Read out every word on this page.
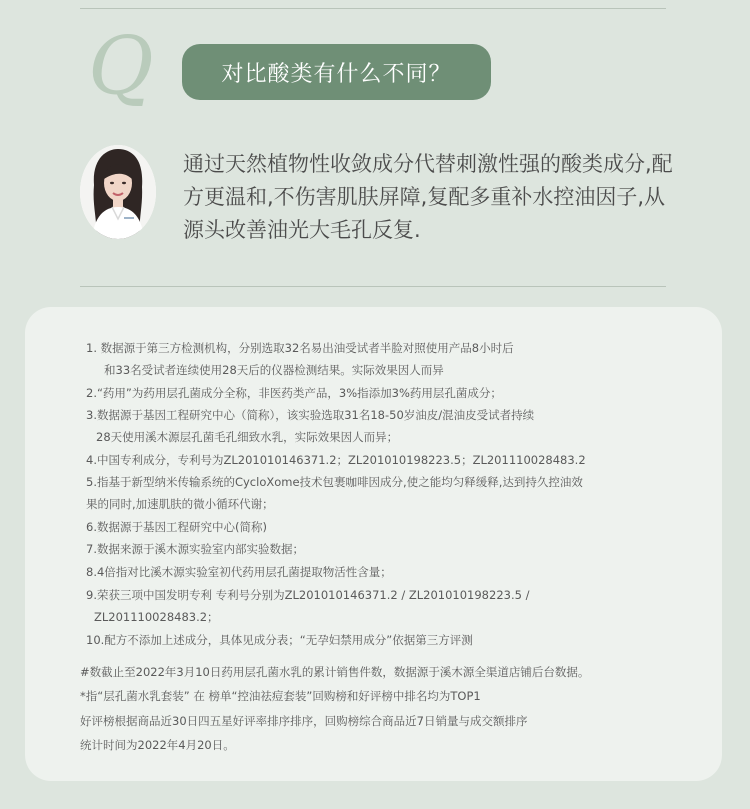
Q	对比酸类有什么不同？
通过天然植物性收敛成分代替刺激性强的酸类成分,配
方更温和,不伤害肌肤屏障,复配多重补水控油因子,从
源头改善油光大毛孔反复.
1. 数据源于第三方检测机构，分别选取32名易出油受试者半脸对照使用产品8小时后
和33名受试者连续使用28天后的仪器检测结果。实际效果因人而异
2.“药用”为药用层孔菌成分全称，非医药类产品，3%指添加3%药用层孔菌成分；
3.数据源于基因工程研究中心（简称），该实验选取31名18-50岁油皮/混油皮受试者持续
28天使用溪木源层孔菌毛孔细致水乳，实际效果因人而异；
4.中国专利成分，专利号为ZL201010146371.2；ZL201010198223.5；ZL201110028483.2
5.指基于新型纳米传输系统的CycloXome技术包裹咖啡因成分,使之能均匀释缓释,达到持久控油效
果的同时,加速肌肤的微小循环代谢；
6.数据源于基因工程研究中心(简称)
7.数据来源于溪木源实验室内部实验数据；
8.4倍指对比溪木源实验室初代药用层孔菌提取物活性含量；
9.荣获三项中国发明专利 专利号分别为ZL201010146371.2 / ZL201010198223.5 /
ZL201110028483.2；
10.配方不添加上述成分，具体见成分表；“无孕妇禁用成分”依据第三方评测
#数截止至2022年3月10日药用层孔菌水乳的累计销售件数，数据源于溪木源全渠道店铺后台数据。
*指“层孔菌水乳套装” 在 榜单“控油祛痘套装”回购榜和好评榜中排名均为TOP1
好评榜根据商品近30日四五星好评率排序排序，回购榜综合商品近7日销量与成交额排序
统计时间为2022年4月20日。
